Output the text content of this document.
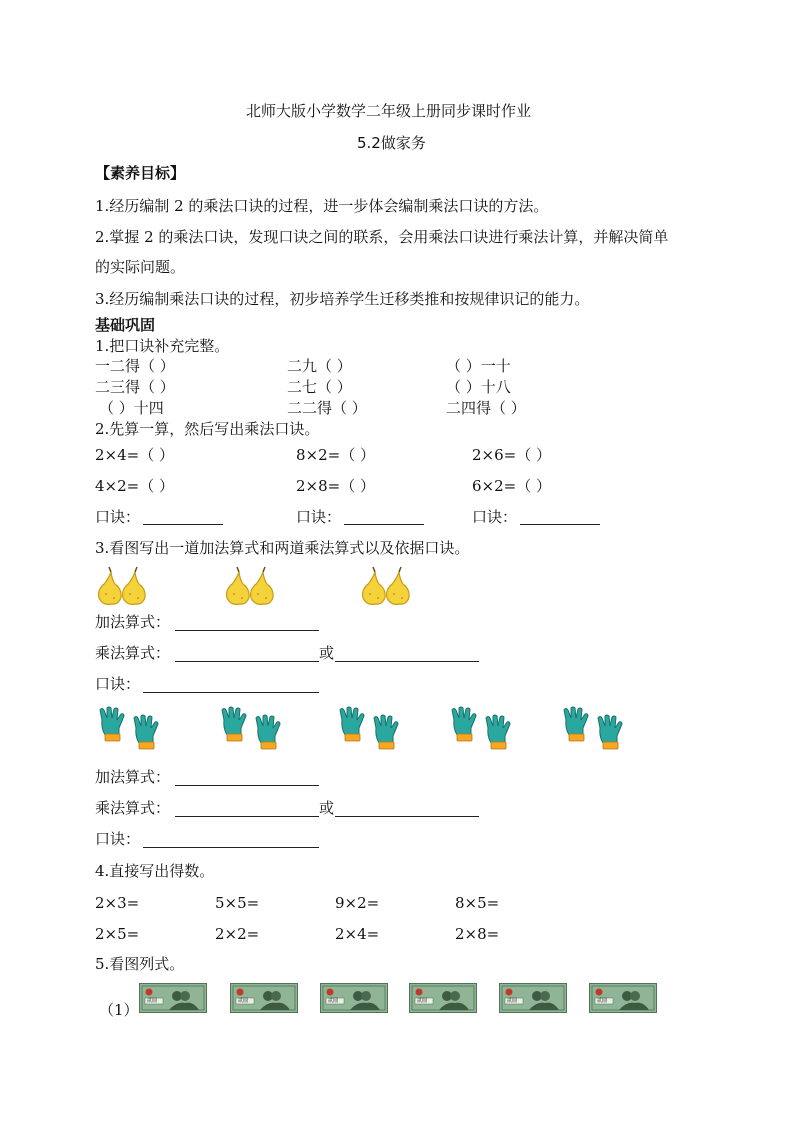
北师大版小学数学二年级上册同步课时作业
5.2做家务
【素养目标】
1.经历编制 2 的乘法口诀的过程，进一步体会编制乘法口诀的方法。
2.掌握 2 的乘法口诀，发现口诀之间的联系，会用乘法口诀进行乘法计算，并解决简单
的实际问题。
3.经历编制乘法口诀的过程，初步培养学生迁移类推和按规律识记的能力。
基础巩固
1.把口诀补充完整。
一二得（ ）	二九（ ）	（ ）一十
二三得（ ）	二七（ ）	（ ）十八
（ ）十四	二二得（ ）	二四得（ ）
2.先算一算，然后写出乘法口诀。
2×4=（ ）	8×2=（ ）	2×6=（ ）
4×2=（ ）	2×8=（ ）	6×2=（ ）
口诀：	口诀：	口诀：
3.看图写出一道加法算式和两道乘法算式以及依据口诀。
加法算式：
乘法算式：	或
口诀：
加法算式：
乘法算式：	或
口诀：
4.直接写出得数。
2×3=	5×5=	9×2=	8×5=
2×5=	2×2=	2×4=	2×8=
5.看图列式。
（1） 贰圆	贰圆	贰圆	贰圆	贰圆	贰圆
